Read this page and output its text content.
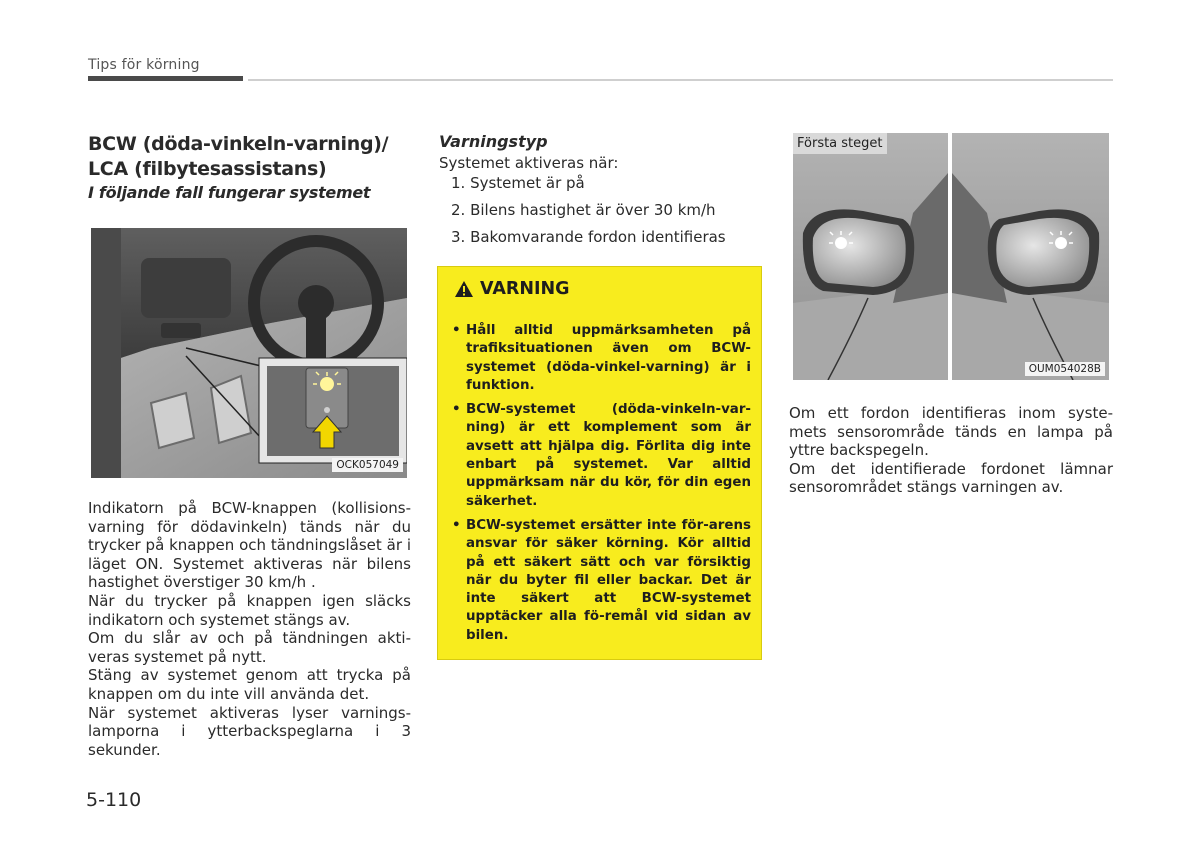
Tips för körning
BCW (döda-vinkeln-varning)/ LCA (filbytesassistans)
I följande fall fungerar systemet
OCK057049

Indikatorn på BCW-knappen (kollisions-varning för dödavinkeln) tänds när du trycker på knappen och tändningslåset är i läget ON. Systemet aktiveras när bilens hastighet överstiger 30 km/h .

När du trycker på knappen igen släcks indikatorn och systemet stängs av.

Om du slår av och på tändningen akti-veras systemet på nytt.

Stäng av systemet genom att trycka på knappen om du inte vill använda det.

När systemet aktiveras lyser varnings-lamporna i ytterbackspeglarna i 3 sekunder.

5-110
Varningstyp
Systemet aktiveras när:
1. Systemet är på
2. Bilens hastighet är över 30 km/h
3. Bakomvarande fordon identifieras
VARNING
• Håll alltid uppmärksamheten på trafiksituationen även om BCW-systemet (döda-vinkel-varning) är i funktion.
• BCW-systemet (döda-vinkeln-var-ning) är ett komplement som är avsett att hjälpa dig. Förlita dig inte enbart på systemet. Var alltid uppmärksam när du kör, för din egen säkerhet.
• BCW-systemet ersätter inte för-arens ansvar för säker körning. Kör alltid på ett säkert sätt och var försiktig när du byter fil eller backar. Det är inte säkert att BCW-systemet upptäcker alla fö-remål vid sidan av bilen.
Första steget
OUM054028B

Om ett fordon identifieras inom syste-mets sensorområde tänds en lampa på yttre backspegeln.

Om det identifierade fordonet lämnar sensorområdet stängs varningen av.
